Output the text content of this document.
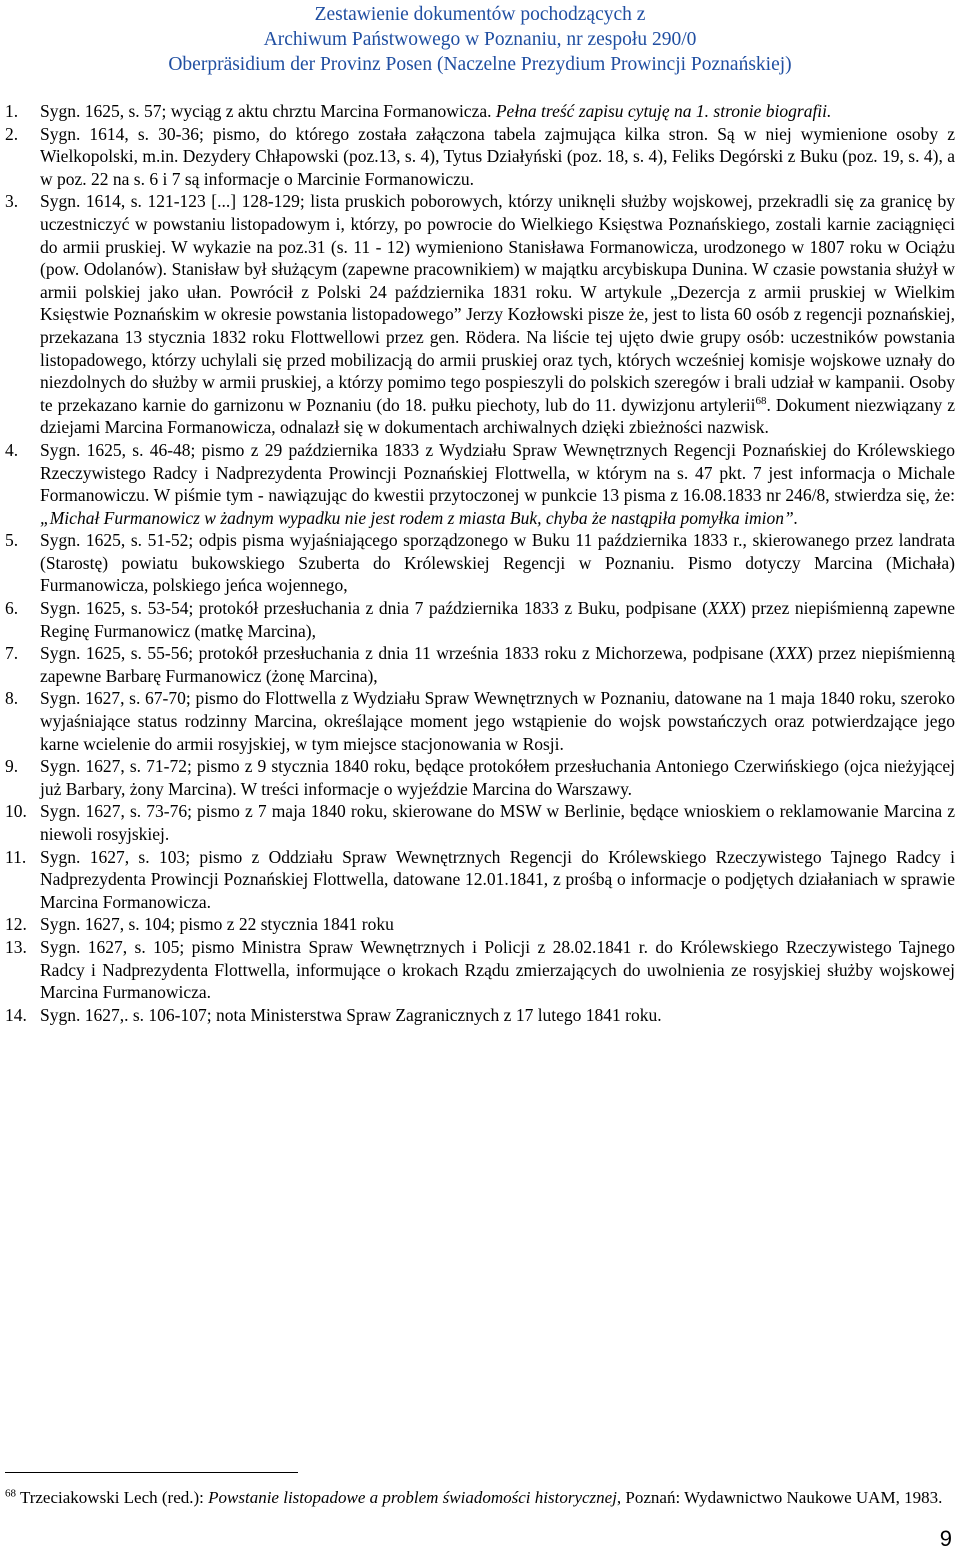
Zestawienie dokumentów pochodzących z
Archiwum Państwowego w Poznaniu, nr zespołu 290/0
Oberpräsidium der Provinz Posen (Naczelne Prezydium Prowincji Poznańskiej)
1.	Sygn. 1625, s. 57; wyciąg z aktu chrztu Marcina Formanowicza. Pełna treść zapisu cytuję na 1. stronie biografii.

2.	Sygn. 1614, s. 30-36; pismo, do którego została załączona tabela zajmująca kilka stron. Są w niej wymienione osoby z Wielkopolski, m.in. Dezydery Chłapowski (poz.13, s. 4), Tytus Działyński (poz. 18, s. 4), Feliks Degórski z Buku (poz. 19, s. 4), a w poz. 22 na s. 6 i 7 są informacje o Marcinie Formanowiczu.

3.	Sygn. 1614, s. 121-123 [...] 128-129; lista pruskich poborowych, którzy uniknęli służby wojskowej, przekradli się za granicę by uczestniczyć w powstaniu listopadowym i, którzy, po powrocie do Wielkiego Księstwa Poznańskiego, zostali karnie zaciągnięci do armii pruskiej. W wykazie na poz.31 (s. 11 - 12) wymieniono Stanisława Formanowicza, urodzonego w 1807 roku w Ociążu (pow. Odolanów). Stanisław był służącym (zapewne pracownikiem) w majątku arcybiskupa Dunina. W czasie powstania służył w armii polskiej jako ułan. Powrócił z Polski 24 października 1831 roku. W artykule „Dezercja z armii pruskiej w Wielkim Księstwie Poznańskim w okresie powstania listopadowego” Jerzy Kozłowski pisze że, jest to lista 60 osób z regencji poznańskiej, przekazana 13 stycznia 1832 roku Flottwellowi przez gen. Rödera. Na liście tej ujęto dwie grupy osób: uczestników powstania listopadowego, którzy uchylali się przed mobilizacją do armii pruskiej oraz tych, których wcześniej komisje wojskowe uznały do niezdolnych do służby w armii pruskiej, a którzy pomimo tego pospieszyli do polskich szeregów i brali udział w kampanii. Osoby te przekazano karnie do garnizonu w Poznaniu (do 18. pułku piechoty, lub do 11. dywizjonu artylerii$^{68}$. Dokument niezwiązany z dziejami Marcina Formanowicza, odnalazł się w dokumentach archiwalnych dzięki zbieżności nazwisk.

4.	Sygn. 1625, s. 46-48; pismo z 29 października 1833 z Wydziału Spraw Wewnętrznych Regencji Poznańskiej do Królewskiego Rzeczywistego Radcy i Nadprezydenta Prowincji Poznańskiej Flottwella, w którym na s. 47 pkt. 7 jest informacja o Michale Formanowiczu. W piśmie tym - nawiązując do kwestii przytoczonej w punkcie 13 pisma z 16.08.1833 nr 246/8, stwierdza się, że: „Michał Furmanowicz w żadnym wypadku nie jest rodem z miasta Buk, chyba że nastąpiła pomyłka imion”.

5.	Sygn. 1625, s. 51-52; odpis pisma wyjaśniającego sporządzonego w Buku 11 października 1833 r., skierowanego przez landrata (Starostę) powiatu bukowskiego Szuberta do Królewskiej Regencji w Poznaniu. Pismo dotyczy Marcina (Michała) Furmanowicza, polskiego jeńca wojennego,

6.	Sygn. 1625, s. 53-54; protokół przesłuchania z dnia 7 października 1833 z Buku, podpisane (XXX) przez niepiśmienną zapewne Reginę Furmanowicz (matkę Marcina),

7.	Sygn. 1625, s. 55-56; protokół przesłuchania z dnia 11 września 1833 roku z Michorzewa, podpisane (XXX) przez niepiśmienną zapewne Barbarę Furmanowicz (żonę Marcina),

8.	Sygn. 1627, s. 67-70; pismo do Flottwella z Wydziału Spraw Wewnętrznych w Poznaniu, datowane na 1 maja 1840 roku, szeroko wyjaśniające status rodzinny Marcina, określające moment jego wstąpienie do wojsk powstańczych oraz potwierdzające jego karne wcielenie do armii rosyjskiej, w tym miejsce stacjonowania w Rosji.

9.	Sygn. 1627, s. 71-72; pismo z 9 stycznia 1840 roku, będące protokółem przesłuchania Antoniego Czerwińskiego (ojca nieżyjącej już Barbary, żony Marcina). W treści informacje o wyjeździe Marcina do Warszawy.

10. Sygn. 1627, s. 73-76; pismo z 7 maja 1840 roku, skierowane do MSW w Berlinie, będące wnioskiem o reklamowanie Marcina z niewoli rosyjskiej.

11. Sygn. 1627, s. 103; pismo z Oddziału Spraw Wewnętrznych Regencji do Królewskiego Rzeczywistego Tajnego Radcy i Nadprezydenta Prowincji Poznańskiej Flottwella, datowane 12.01.1841, z prośbą o informacje o podjętych działaniach w sprawie Marcina Formanowicza.

12. Sygn. 1627, s. 104; pismo z 22 stycznia 1841 roku

13. Sygn. 1627, s. 105; pismo Ministra Spraw Wewnętrznych i Policji z 28.02.1841 r. do Królewskiego Rzeczywistego Tajnego Radcy i Nadprezydenta Flottwella, informujące o krokach Rządu zmierzających do uwolnienia ze rosyjskiej służby wojskowej Marcina Furmanowicza.

14. Sygn. 1627,. s. 106-107; nota Ministerstwa Spraw Zagranicznych z 17 lutego 1841 roku.

$^{68}$ Trzeciakowski Lech (red.): Powstanie listopadowe a problem świadomości historycznej, Poznań: Wydawnictwo Naukowe UAM, 1983.
9
